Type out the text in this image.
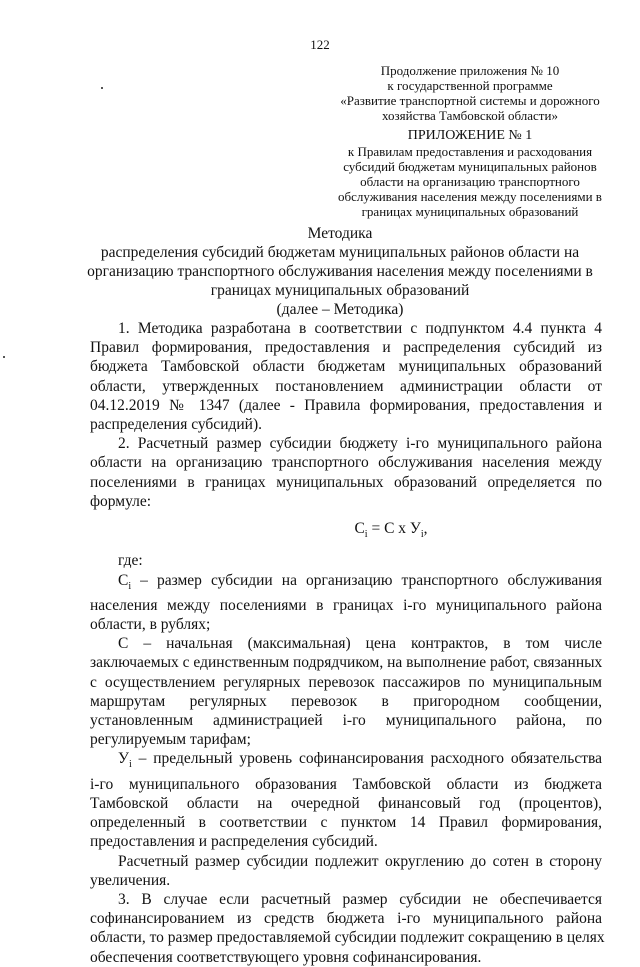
122
Продолжение приложения № 10
к государственной программе
«Развитие транспортной системы и дорожного
хозяйства Тамбовской области»
ПРИЛОЖЕНИЕ № 1
к Правилам предоставления и расходования
субсидий бюджетам муниципальных районов
области на организацию транспортного
обслуживания населения между поселениями в
границах муниципальных образований
Методика
распределения субсидий бюджетам муниципальных районов области на
организацию транспортного обслуживания населения между поселениями в
границах муниципальных образований
(далее – Методика)
1. Методика разработана в соответствии с подпунктом 4.4 пункта 4
Правил формирования, предоставления и распределения субсидий из
бюджета Тамбовской области бюджетам муниципальных образований
области, утвержденных постановлением администрации области от
04.12.2019 № 1347 (далее - Правила формирования, предоставления и
распределения субсидий).
2. Расчетный размер субсидии бюджету i-го муниципального района
области на организацию транспортного обслуживания населения между
поселениями в границах муниципальных образований определяется по
формуле:
$C_i = С$ х $У_i$,
где:
$C_i$ – размер субсидии на организацию транспортного обслуживания
населения между поселениями в границах i-го муниципального района
области, в рублях;
С – начальная (максимальная) цена контрактов, в том числе
заключаемых с единственным подрядчиком, на выполнение работ, связанных
с осуществлением регулярных перевозок пассажиров по муниципальным
маршрутам регулярных перевозок в пригородном сообщении,
установленным администрацией i-го муниципального района, по
регулируемым тарифам;
$У_i$ – предельный уровень софинансирования расходного обязательства
i-го муниципального образования Тамбовской области из бюджета
Тамбовской области на очередной финансовый год (процентов),
определенный в соответствии с пунктом 14 Правил формирования,
предоставления и распределения субсидий.
Расчетный размер субсидии подлежит округлению до сотен в сторону
увеличения.
3. В случае если расчетный размер субсидии не обеспечивается
софинансированием из средств бюджета i-го муниципального района
области, то размер предоставляемой субсидии подлежит сокращению в целях
обеспечения соответствующего уровня софинансирования.
